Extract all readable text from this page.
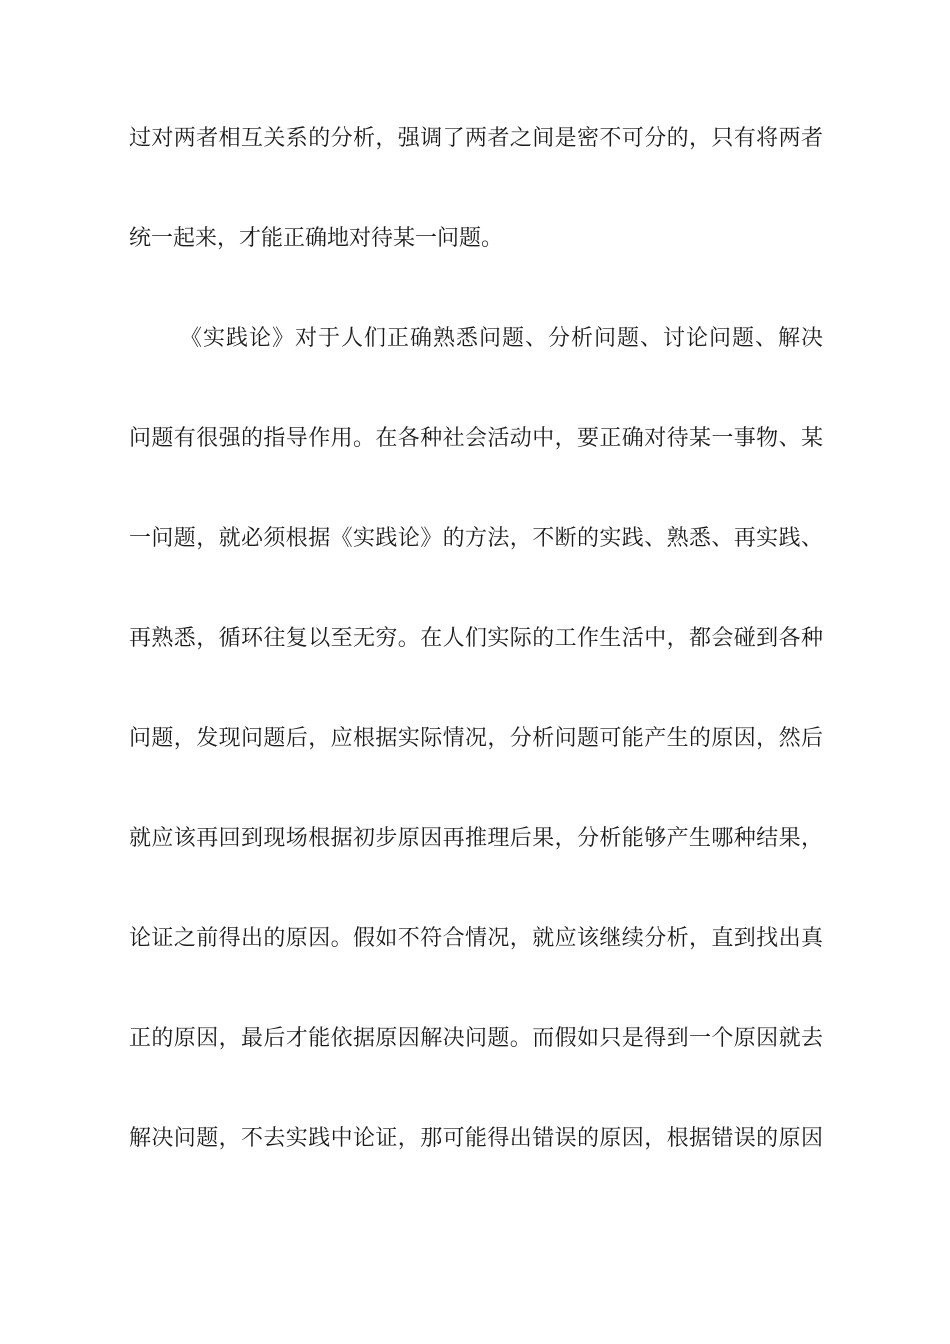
过对两者相互关系的分析，强调了两者之间是密不可分的，只有将两者
统一起来，才能正确地对待某一问题。
《实践论》对于人们正确熟悉问题、分析问题、讨论问题、解决
问题有很强的指导作用。在各种社会活动中，要正确对待某一事物、某
一问题，就必须根据《实践论》的方法，不断的实践、熟悉、再实践、
再熟悉，循环往复以至无穷。在人们实际的工作生活中，都会碰到各种
问题，发现问题后，应根据实际情况，分析问题可能产生的原因，然后
就应该再回到现场根据初步原因再推理后果，分析能够产生哪种结果，
论证之前得出的原因。假如不符合情况，就应该继续分析，直到找出真
正的原因，最后才能依据原因解决问题。而假如只是得到一个原因就去
解决问题，不去实践中论证，那可能得出错误的原因，根据错误的原因
